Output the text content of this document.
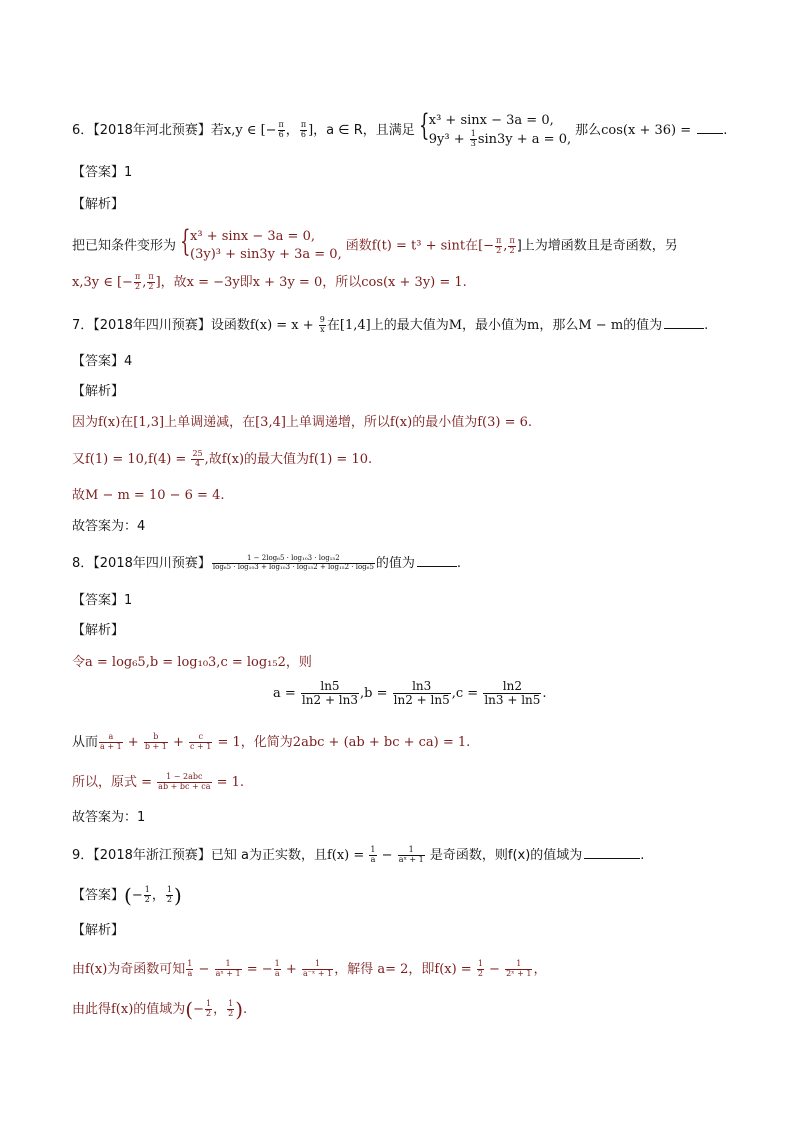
6．【2018年河北预赛】若x,y ∈ [− $\frac{\pi}{6}$ ， $\frac{\pi}{6}$ ]，a ∈ R，且满足 { x³ + sinx − 3a = 0,
$9y^3 + \frac{1}{3} \sin 3y + a = 0$,
那么cos(x + 36) = .
【答案】1
【解析】
把已知条件变形为 { x³ + sinx − 3a = 0,
(3y)³ + sin3y + 3a = 0,
函数f(t) = t³ + sint在[− $\frac{\pi}{2}$ , $\frac{\pi}{2}$ ]上为增函数且是奇函数，另
x,3y ∈ [− $\frac{\pi}{2}$ , $\frac{\pi}{2}$ ]，故x = −3y即x + 3y = 0，所以cos(x + 3y) = 1.
7．【2018年四川预赛】设函数$f(x) = x + \frac{9}{x}$ 在[1,4]上的最大值为M，最小值为m，那么M − m的值为	.
【答案】4
【解析】
因为f(x)在[1,3]上单调递减，在[3,4]上单调递增，所以f(x)的最小值为f(3) = 6.
又$f(1) = 10,f(4) = \frac{25}{4}$ ,故f(x)的最大值为f(1) = 10.
故M − m = 10 − 6 = 4.
故答案为：4
8．【2018年四川预赛】 $\frac{\text{1 − 2log₆5 · log₁₀3 · log₁₅2}}{\text{log₆5 · log₁₀3 + log₁₀3 · log₁₅2 + log₁₅2 · log₆5}}$ 的值为	.
【答案】1
【解析】
令a = log₆5,b = log₁₀3,c = log₁₅2，则
$a = \frac{\ln 5}{\ln 2 + \ln 3} ,b = \frac{\ln 3}{\ln 2 + \ln 5} ,c = \frac{\ln 2}{\ln 3 + \ln 5}$ .
从而 $\frac{a}{a + 1} + \frac{b}{b + 1} + \frac{c}{c + 1} = 1$，化简为2abc + (ab + bc + ca) = 1.
所以，原式 = $\frac{\text{1 − 2abc}}{ab + bc + ca} = 1$.
故答案为：1
9．【2018年浙江预赛】已知 a为正实数，且$f(x) = \frac{1}{a} - \frac{1}{\text{aˣ + 1}}$ 是奇函数，则f(x)的值域为	.
【答案】(− $\frac{1}{2}$ ， $\frac{1}{2}$ )
【解析】
由f(x)为奇函数可知 $\frac{1}{a} - \frac{1}{\text{aˣ + 1}}$ = − $\frac{1}{a} + \frac{1}{\text{a⁻ˣ + 1}}$ ，解得 a= 2，即$f(x) = \frac{1}{2} - \frac{1}{\text{2ˣ + 1}}$ ，
由此得f(x)的值域为(− $\frac{1}{2}$ ， $\frac{1}{2}$ ).
